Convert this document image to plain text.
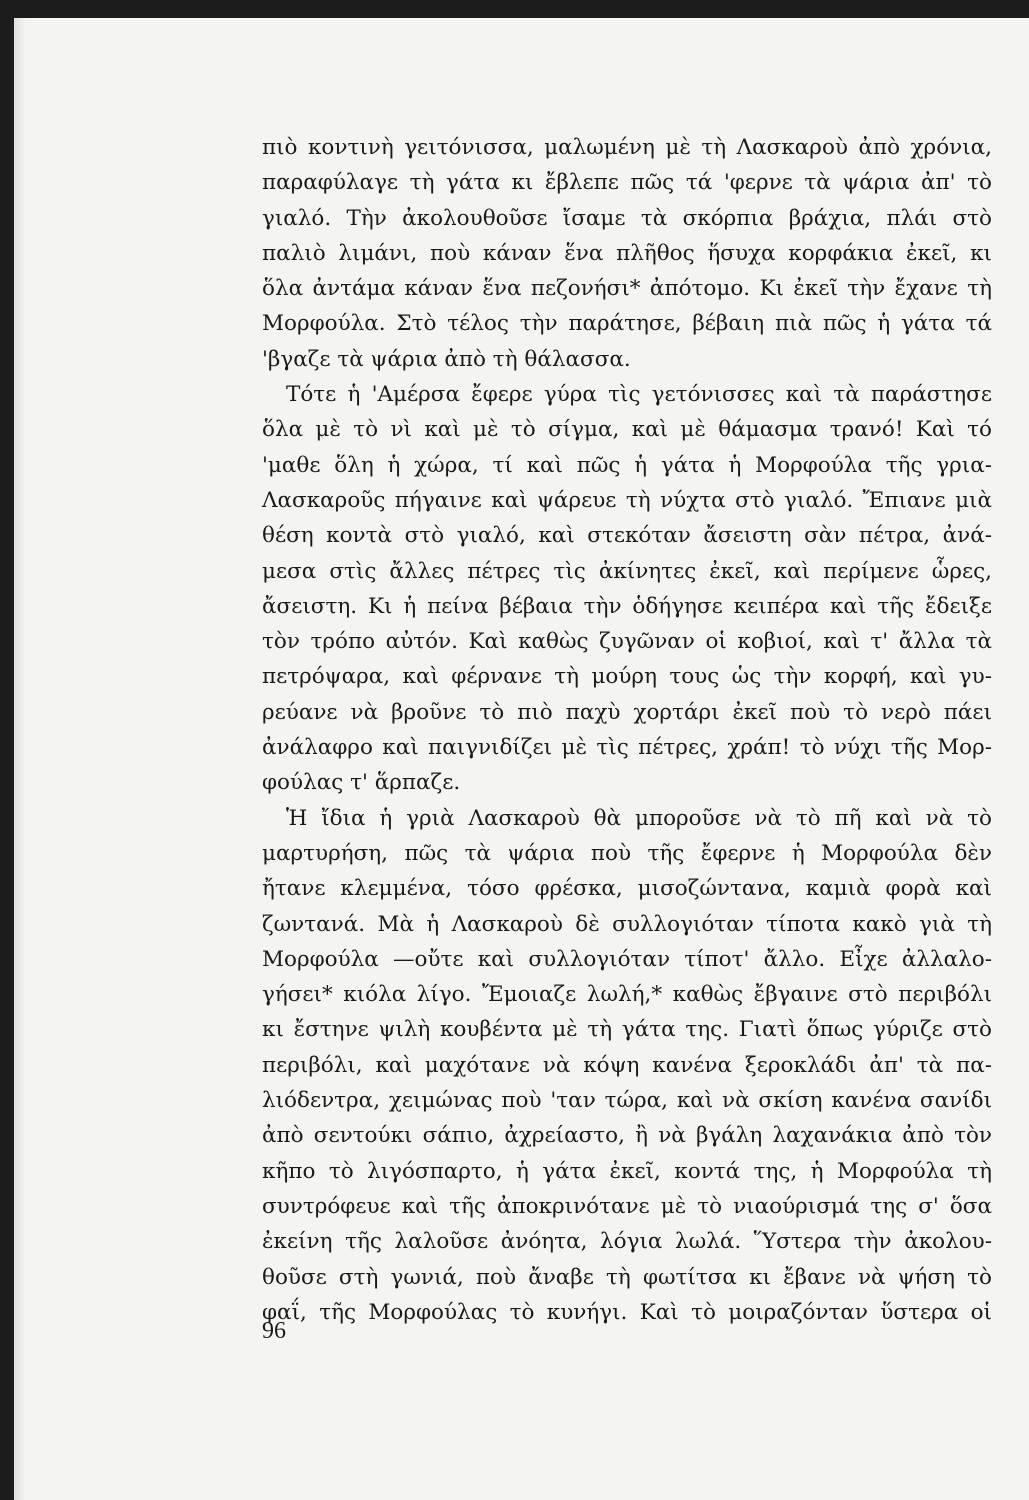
πιὸ κοντινὴ γειτόνισσα, μαλωμένη μὲ τὴ Λασκαροὺ ἀπὸ χρόνια,
παραφύλαγε τὴ γάτα κι ἔβλεπε πῶς τά 'φερνε τὰ ψάρια ἀπ' τὸ
γιαλό. Τὴν ἀκολουθοῦσε ἴσαμε τὰ σκόρπια βράχια, πλάι στὸ
παλιὸ λιμάνι, ποὺ κάναν ἕνα πλῆθος ἥσυχα κορφάκια ἐκεῖ, κι
ὅλα ἀντάμα κάναν ἕνα πεζονήσι* ἀπότομο. Κι ἐκεῖ τὴν ἔχανε τὴ
Μορφούλα. Στὸ τέλος τὴν παράτησε, βέβαιη πιὰ πῶς ἡ γάτα τά
'βγαζε τὰ ψάρια ἀπὸ τὴ θάλασσα.
Τότε ἡ 'Αμέρσα ἔφερε γύρα τὶς γετόνισσες καὶ τὰ παράστησε
ὅλα μὲ τὸ νὶ καὶ μὲ τὸ σίγμα, καὶ μὲ θάμασμα τρανό! Καὶ τό
'μαθε ὅλη ἡ χώρα, τί καὶ πῶς ἡ γάτα ἡ Μορφούλα τῆς γρια-
Λασκαροῦς πήγαινε καὶ ψάρευε τὴ νύχτα στὸ γιαλό. Ἔπιανε μιὰ
θέση κοντὰ στὸ γιαλό, καὶ στεκόταν ἄσειστη σὰν πέτρα, ἀνά-
μεσα στὶς ἄλλες πέτρες τὶς ἀκίνητες ἐκεῖ, καὶ περίμενε ὧρες,
ἄσειστη. Κι ἡ πείνα βέβαια τὴν ὁδήγησε κειπέρα καὶ τῆς ἔδειξε
τὸν τρόπο αὐτόν. Καὶ καθὼς ζυγῶναν οἱ κοβιοί, καὶ τ' ἄλλα τὰ
πετρόψαρα, καὶ φέρνανε τὴ μούρη τους ὡς τὴν κορφή, καὶ γυ-
ρεύανε νὰ βροῦνε τὸ πιὸ παχὺ χορτάρι ἐκεῖ ποὺ τὸ νερὸ πάει
ἀνάλαφρο καὶ παιγνιδίζει μὲ τὶς πέτρες, χράπ! τὸ νύχι τῆς Μορ-
φούλας τ' ἅρπαζε.
Ἡ ἴδια ἡ γριὰ Λασκαροὺ θὰ μποροῦσε νὰ τὸ πῆ καὶ νὰ τὸ
μαρτυρήση, πῶς τὰ ψάρια ποὺ τῆς ἔφερνε ἡ Μορφούλα δὲν
ἤτανε κλεμμένα, τόσο φρέσκα, μισοζώντανα, καμιὰ φορὰ καὶ
ζωντανά. Μὰ ἡ Λασκαροὺ δὲ συλλογιόταν τίποτα κακὸ γιὰ τὴ
Μορφούλα —οὔτε καὶ συλλογιόταν τίποτ' ἄλλο. Εἶχε ἀλλαλο-
γήσει* κιόλα λίγο. Ἔμοιαζε λωλή,* καθὼς ἔβγαινε στὸ περιβόλι
κι ἔστηνε ψιλὴ κουβέντα μὲ τὴ γάτα της. Γιατὶ ὅπως γύριζε στὸ
περιβόλι, καὶ μαχότανε νὰ κόψη κανένα ξεροκλάδι ἀπ' τὰ πα-
λιόδεντρα, χειμώνας ποὺ 'ταν τώρα, καὶ νὰ σκίση κανένα σανίδι
ἀπὸ σεντούκι σάπιο, ἀχρείαστο, ἢ νὰ βγάλη λαχανάκια ἀπὸ τὸν
κῆπο τὸ λιγόσπαρτο, ἡ γάτα ἐκεῖ, κοντά της, ἡ Μορφούλα τὴ
συντρόφευε καὶ τῆς ἀποκρινότανε μὲ τὸ νιαούρισμά της σ' ὅσα
ἐκείνη τῆς λαλοῦσε ἀνόητα, λόγια λωλά. Ὕστερα τὴν ἀκολου-
θοῦσε στὴ γωνιά, ποὺ ἄναβε τὴ φωτίτσα κι ἔβανε νὰ ψήση τὸ
φαΐ, τῆς Μορφούλας τὸ κυνήγι. Καὶ τὸ μοιραζόνταν ὕστερα οἱ
96
